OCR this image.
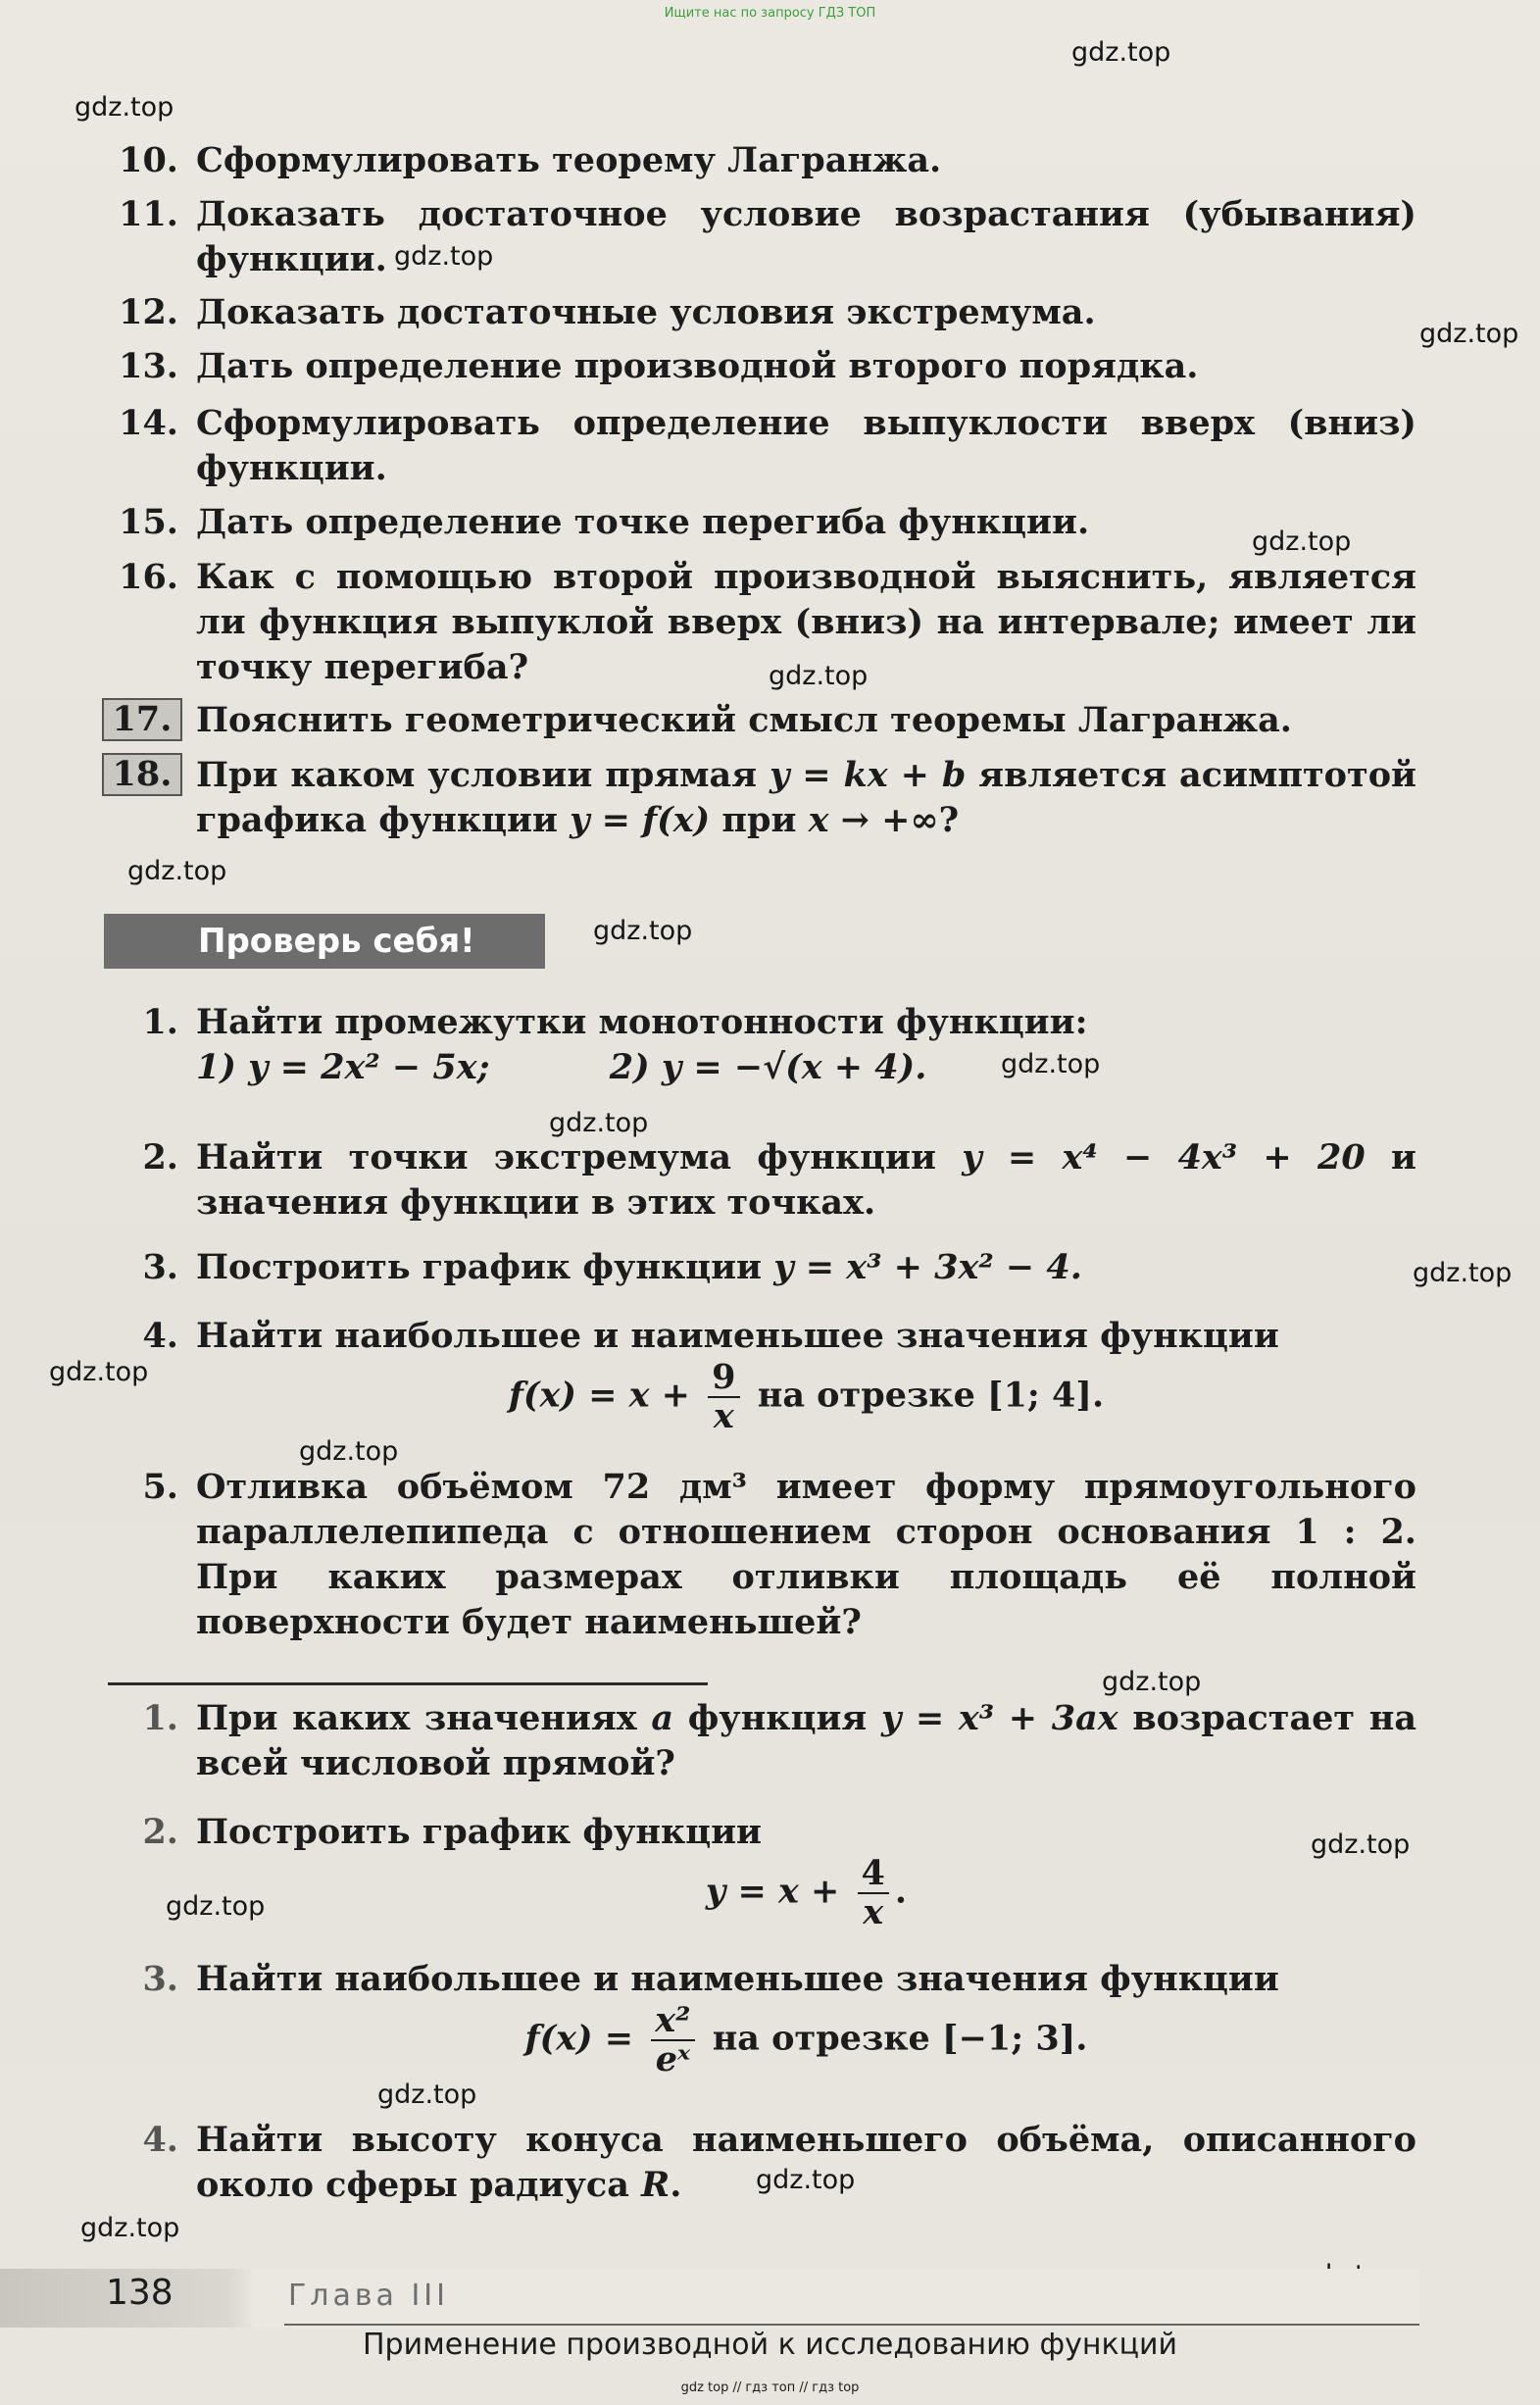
Ищите нас по запросу ГДЗ ТОП
gdz.top
gdz.top
gdz.top
gdz.top
gdz.top
gdz.top
gdz.top
gdz.top
gdz.top
gdz.top
gdz.top
gdz.top
gdz.top
gdz.top
gdz.top
gdz.top
gdz.top
gdz.top
gdz.top
10. Сформулировать теорему Лагранжа.
11. Доказать достаточное условие возрастания (убывания) функции.
12. Доказать достаточные условия экстремума.
13. Дать определение производной второго порядка.
14. Сформулировать определение выпуклости вверх (вниз) функции.
15. Дать определение точке перегиба функции.
16. Как с помощью второй производной выяснить, является ли функция выпуклой вверх (вниз) на интервале; имеет ли точку перегиба?
17. Пояснить геометрический смысл теоремы Лагранжа.
18. При каком условии прямая y = kx + b является асимптотой графика функции y = f(x) при x → +∞?
Проверь себя!
1. Найти промежутки монотонности функции:
1) y = 2x² − 5x;	2) y = −√(x + 4).
2. Найти точки экстремума функции y = x⁴ − 4x³ + 20 и значения функции в этих точках.
3. Построить график функции y = x³ + 3x² − 4.
4. Найти наибольшее и наименьшее значения функции
$f(x) = x + \frac{9}{x}$ на отрезке [1; 4].
5. Отливка объёмом 72 дм³ имеет форму прямоугольного параллелепипеда с отношением сторон основания 1 : 2. При каких размерах отливки площадь её полной поверхности будет наименьшей?
1. При каких значениях a функция y = x³ + 3ax возрастает на всей числовой прямой?
2. Построить график функции
$y = x + \frac{4}{x}$ .
3. Найти наибольшее и наименьшее значения функции
$f(x) = \frac{\text{x²}}{\text{eˣ}}$ на отрезке [−1; 3].
4. Найти высоту конуса наименьшего объёма, описанного около сферы радиуса R.
138	Глава III
Применение производной к исследованию функций
gdz top // гдз топ // гдз top
